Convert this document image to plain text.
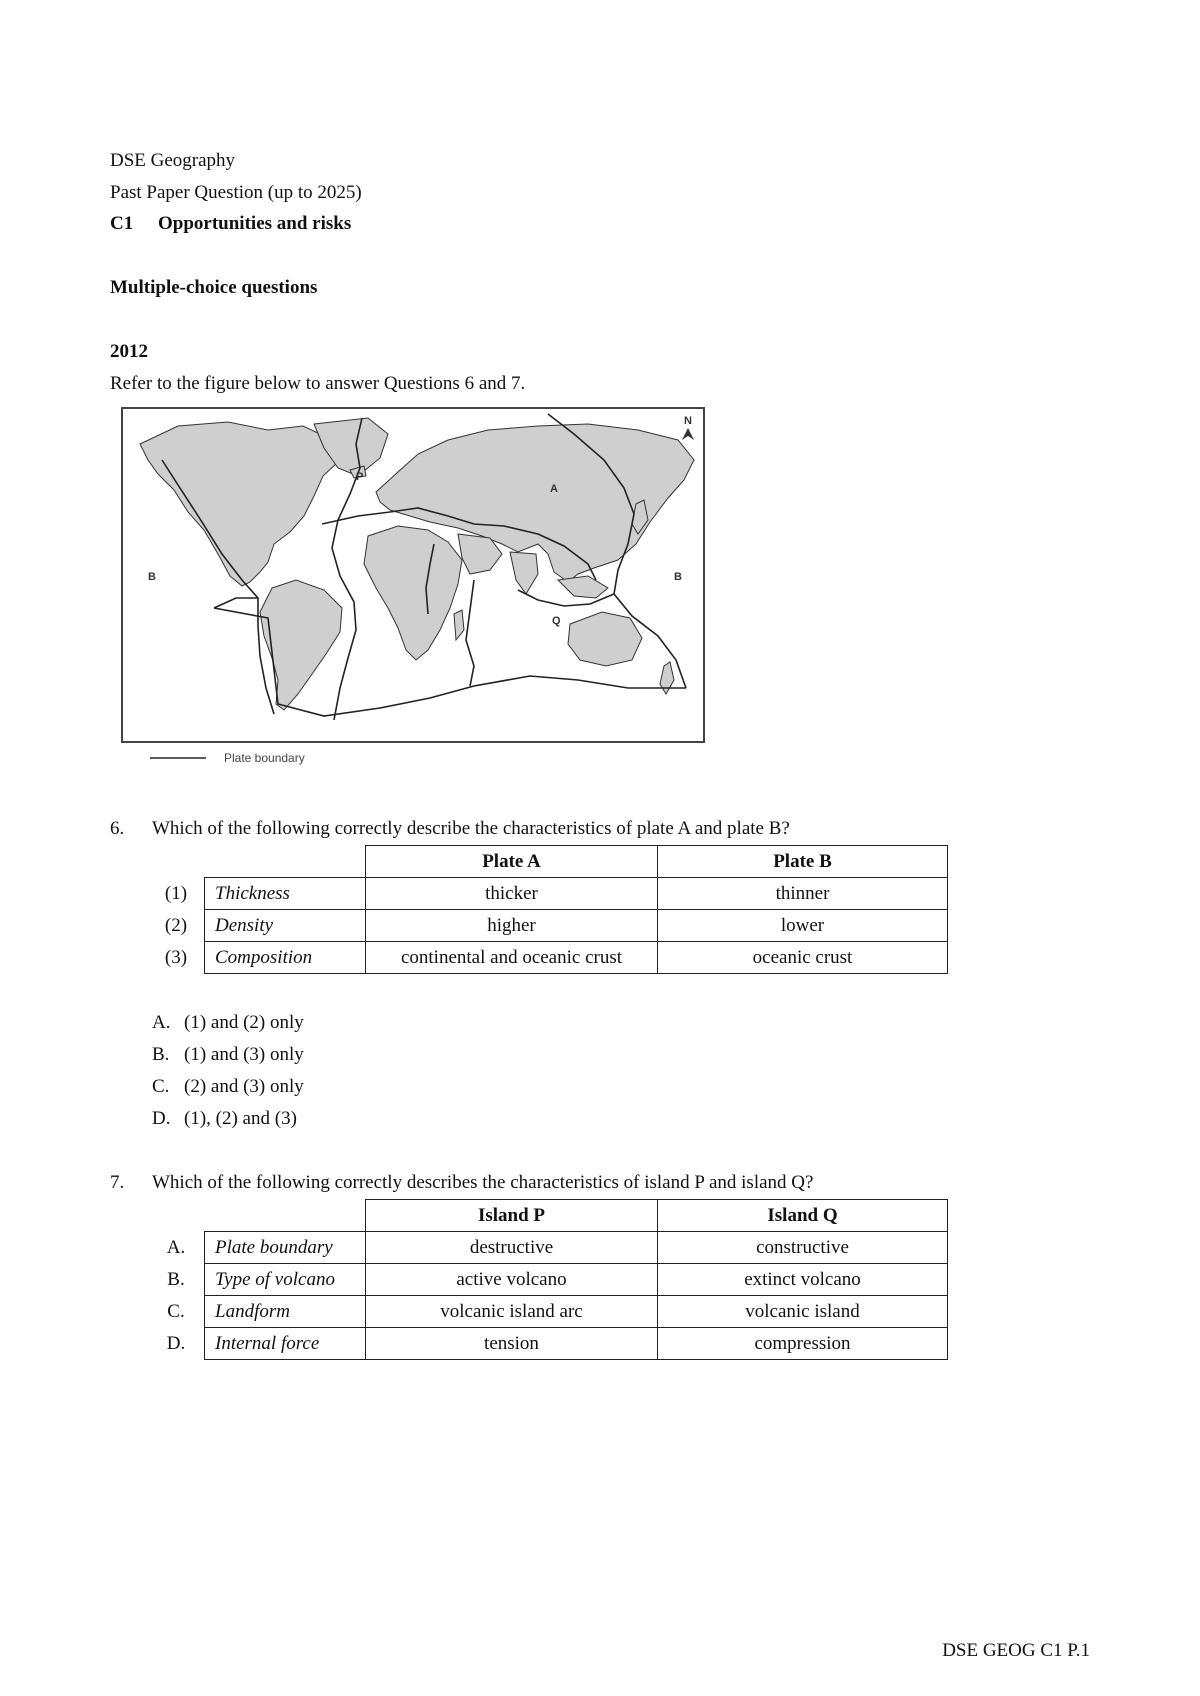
DSE Geography
Past Paper Question (up to 2025)
C1 Opportunities and risks
Multiple-choice questions
2012
Refer to the figure below to answer Questions 6 and 7.
N
A
B	B
P
Q
Plate boundary
6. Which of the following correctly describe the characteristics of plate A and plate B?
		Plate A	Plate B
(1)	Thickness	thicker	thinner
(2)	Density	higher	lower
(3)	Composition	continental and oceanic crust	oceanic crust
A. (1) and (2) only
B. (1) and (3) only
C. (2) and (3) only
D. (1), (2) and (3)
7. Which of the following correctly describes the characteristics of island P and island Q?
		Island P	Island Q
A.	Plate boundary	destructive	constructive
B.	Type of volcano	active volcano	extinct volcano
C.	Landform	volcanic island arc	volcanic island
D.	Internal force	tension	compression
DSE GEOG C1 P.1
